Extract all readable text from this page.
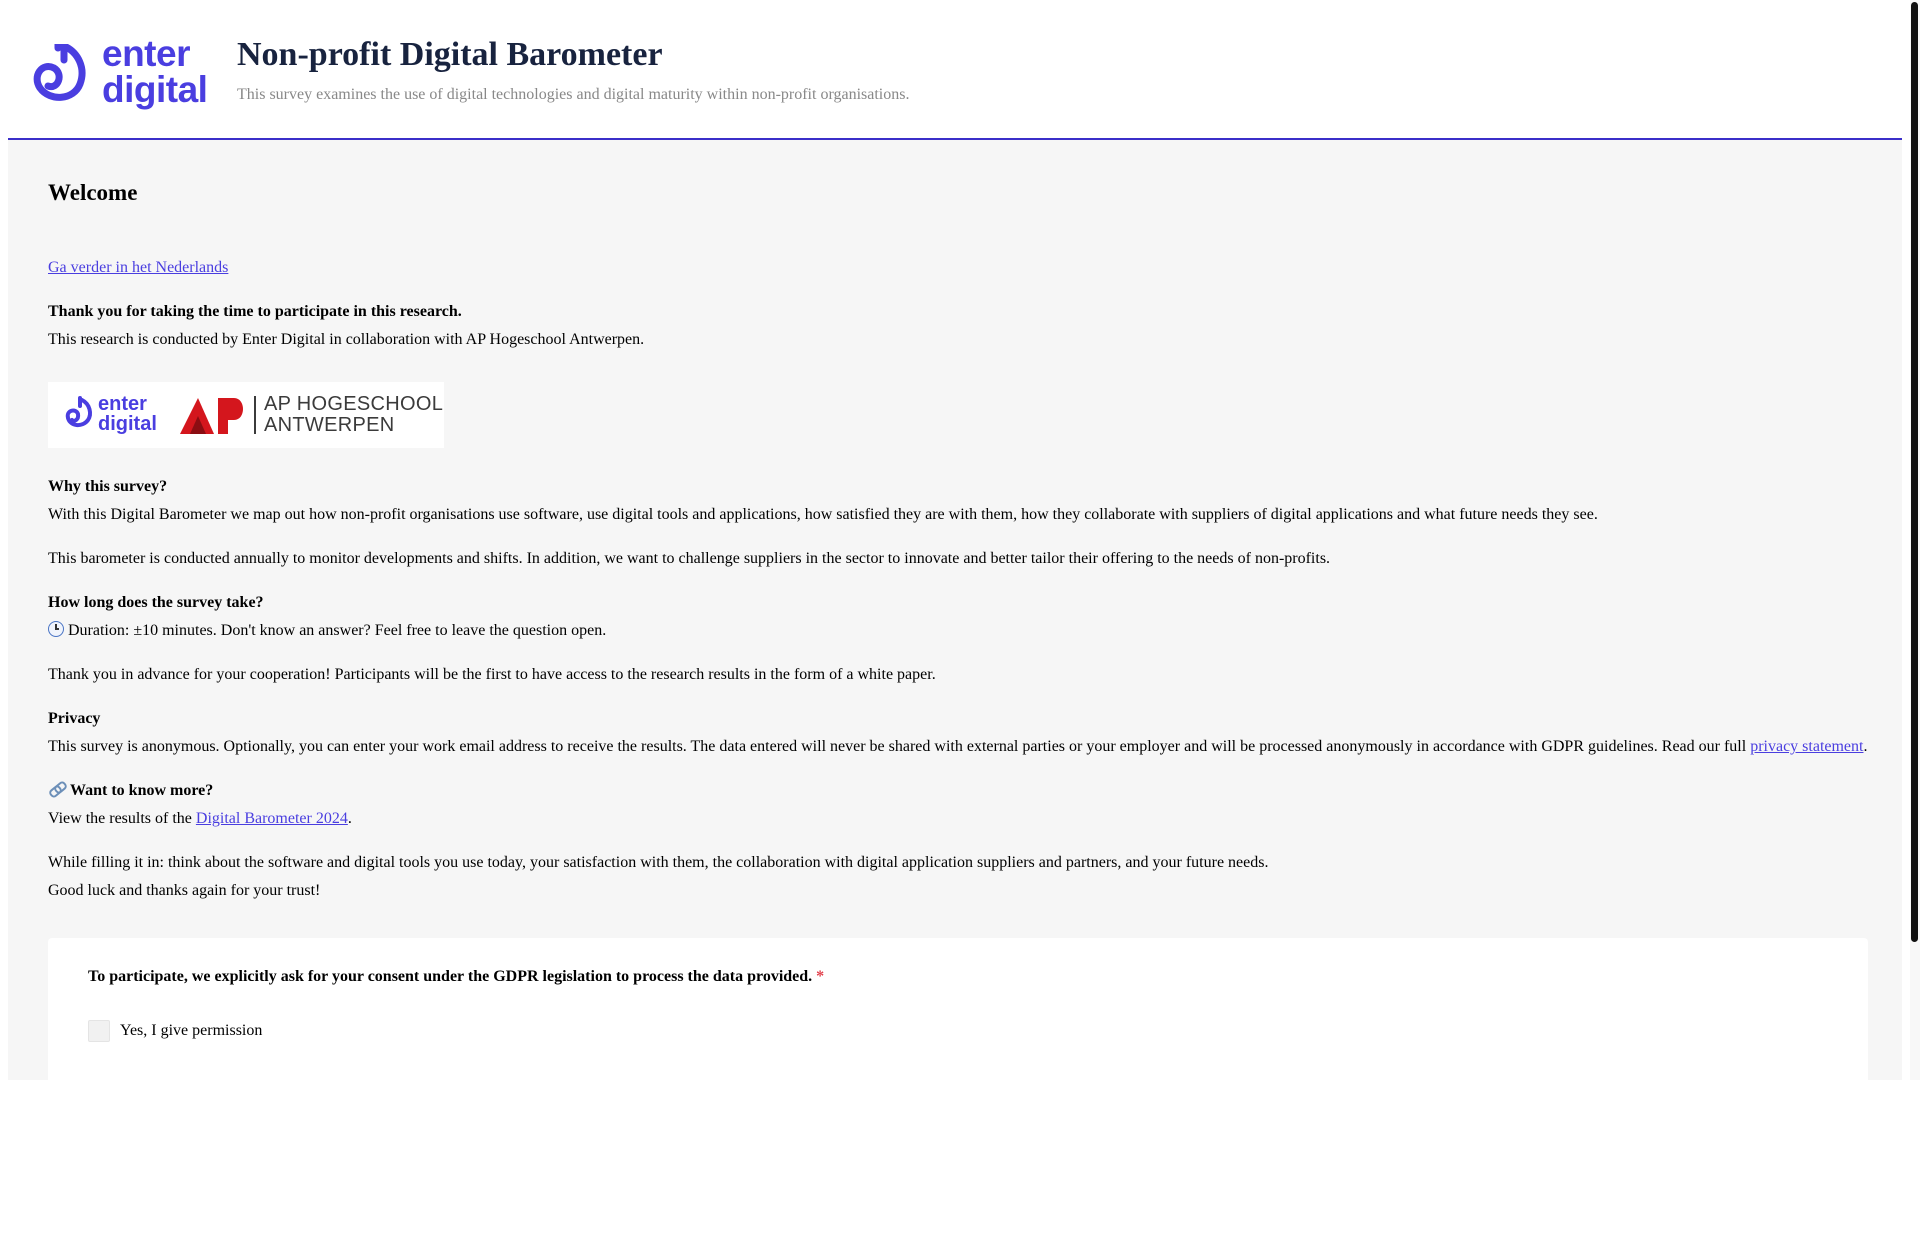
enter
digital
Non-profit Digital Barometer

This survey examines the use of digital technologies and digital maturity within non-profit organisations.

Welcome

Ga verder in het Nederlands

Thank you for taking the time to participate in this research.

This research is conducted by Enter Digital in collaboration with AP Hogeschool Antwerpen.

enter
digital
AP HOGESCHOOL
ANTWERPEN

Why this survey?

With this Digital Barometer we map out how non-profit organisations use software, use digital tools and applications, how satisfied they are with them, how they collaborate with suppliers of digital applications and what future needs they see.

This barometer is conducted annually to monitor developments and shifts. In addition, we want to challenge suppliers in the sector to innovate and better tailor their offering to the needs of non-profits.

How long does the survey take?

Duration: ±10 minutes. Don't know an answer? Feel free to leave the question open.

Thank you in advance for your cooperation! Participants will be the first to have access to the research results in the form of a white paper.

Privacy

This survey is anonymous. Optionally, you can enter your work email address to receive the results. The data entered will never be shared with external parties or your employer and will be processed anonymously in accordance with GDPR guidelines. Read our full privacy statement.

Want to know more?

View the results of the Digital Barometer 2024.

While filling it in: think about the software and digital tools you use today, your satisfaction with them, the collaboration with digital application suppliers and partners, and your future needs.

Good luck and thanks again for your trust!

To participate, we explicitly ask for your consent under the GDPR legislation to process the data provided. *

Yes, I give permission
